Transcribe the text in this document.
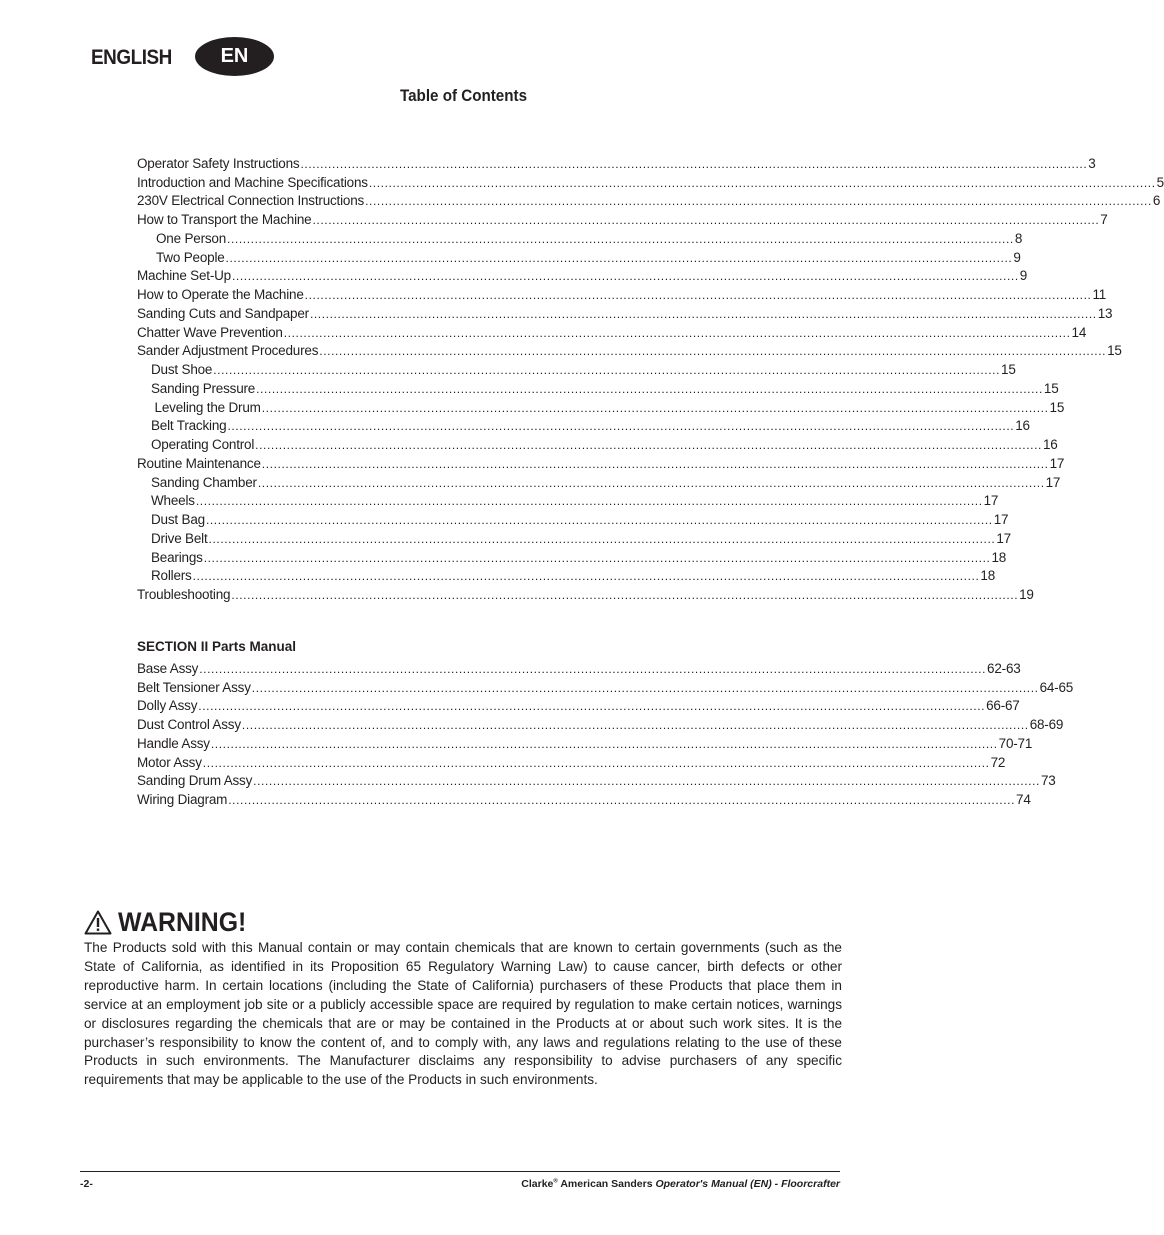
ENGLISH	EN
Table of Contents
Operator Safety Instructions ........................................................................................................................................................................................................ 3
Introduction and Machine Specifications ........................................................................................................................................................................................................ 5
230V Electrical Connection Instructions ........................................................................................................................................................................................................ 6
How to Transport the Machine ........................................................................................................................................................................................................ 7
One Person ........................................................................................................................................................................................................ 8
Two People ........................................................................................................................................................................................................ 9
Machine Set-Up ........................................................................................................................................................................................................ 9
How to Operate the Machine ........................................................................................................................................................................................................ 11
Sanding Cuts and Sandpaper ........................................................................................................................................................................................................ 13
Chatter Wave Prevention ........................................................................................................................................................................................................ 14
Sander Adjustment Procedures ........................................................................................................................................................................................................ 15
Dust Shoe ........................................................................................................................................................................................................ 15
Sanding Pressure ........................................................................................................................................................................................................ 15
Leveling the Drum ........................................................................................................................................................................................................ 15
Belt Tracking ........................................................................................................................................................................................................ 16
Operating Control ........................................................................................................................................................................................................ 16
Routine Maintenance ........................................................................................................................................................................................................ 17
Sanding Chamber ........................................................................................................................................................................................................ 17
Wheels ........................................................................................................................................................................................................ 17
Dust Bag ........................................................................................................................................................................................................ 17
Drive Belt ........................................................................................................................................................................................................ 17
Bearings ........................................................................................................................................................................................................ 18
Rollers ........................................................................................................................................................................................................ 18
Troubleshooting ........................................................................................................................................................................................................ 19
SECTION II Parts Manual
Base Assy ........................................................................................................................................................................................................ 62-63
Belt Tensioner Assy ........................................................................................................................................................................................................ 64-65
Dolly Assy ........................................................................................................................................................................................................ 66-67
Dust Control Assy ........................................................................................................................................................................................................ 68-69
Handle Assy ........................................................................................................................................................................................................ 70-71
Motor Assy ........................................................................................................................................................................................................ 72
Sanding Drum Assy ........................................................................................................................................................................................................ 73
Wiring Diagram ........................................................................................................................................................................................................ 74
WARNING!
The Products sold with this Manual contain or may contain chemicals that are known to certain governments (such as the State of California, as identified in its Proposition 65 Regulatory Warning Law) to cause cancer, birth defects or other reproductive harm. In certain locations (including the State of California) purchasers of these Products that place them in service at an employment job site or a publicly accessible space are required by regulation to make certain notices, warnings or disclosures regarding the chemicals that are or may be contained in the Products at or about such work sites. It is the purchaser’s responsibility to know the content of, and to comply with, any laws and regulations relating to the use of these Products in such environments. The Manufacturer disclaims any responsibility to advise purchasers of any specific requirements that may be applicable to the use of the Products in such environments.
-2-	Clarke® American Sanders Operator's Manual (EN) - Floorcrafter
